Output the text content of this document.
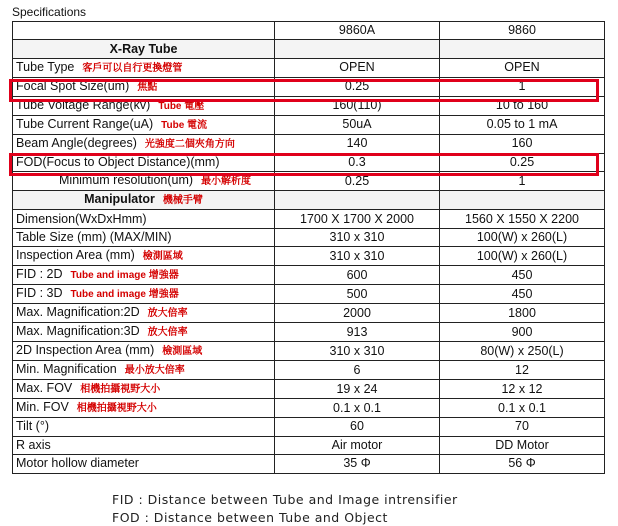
Specifications
	9860A	9860
X-Ray Tube		
Tube Type 客戶可以自行更換燈管	OPEN	OPEN
Focal Spot Size(um) 焦點	0.25	1
Tube Voltage Range(kv) Tube 電壓	160(110)	10 to 160
Tube Current Range(uA) Tube 電流	50uA	0.05 to 1 mA
Beam Angle(degrees) 光強度二個夾角方向	140	160
FOD(Focus to Object Distance)(mm)	0.3	0.25
Minimum resolution(um) 最小解析度	0.25	1
Manipulator 機械手臂		
Dimension(WxDxHmm)	1700 X 1700 X 2000	1560 X 1550 X 2200
Table Size (mm) (MAX/MIN)	310 x 310	100(W) x 260(L)
Inspection Area (mm) 檢測區域	310 x 310	100(W) x 260(L)
FID : 2D Tube and image 增強器	600	450
FID : 3D Tube and image 增強器	500	450
Max. Magnification:2D 放大倍率	2000	1800
Max. Magnification:3D 放大倍率	913	900
2D Inspection Area (mm) 檢測區域	310 x 310	80(W) x 250(L)
Min. Magnification 最小放大倍率	6	12
Max. FOV 相機拍攝視野大小	19 x 24	12 x 12
Min. FOV 相機拍攝視野大小	0.1 x 0.1	0.1 x 0.1
Tilt (°)	60	70
R axis	Air motor	DD Motor
Motor hollow diameter	35 Φ	56 Φ
FID : Distance between Tube and Image intrensifier
FOD : Distance between Tube and Object
